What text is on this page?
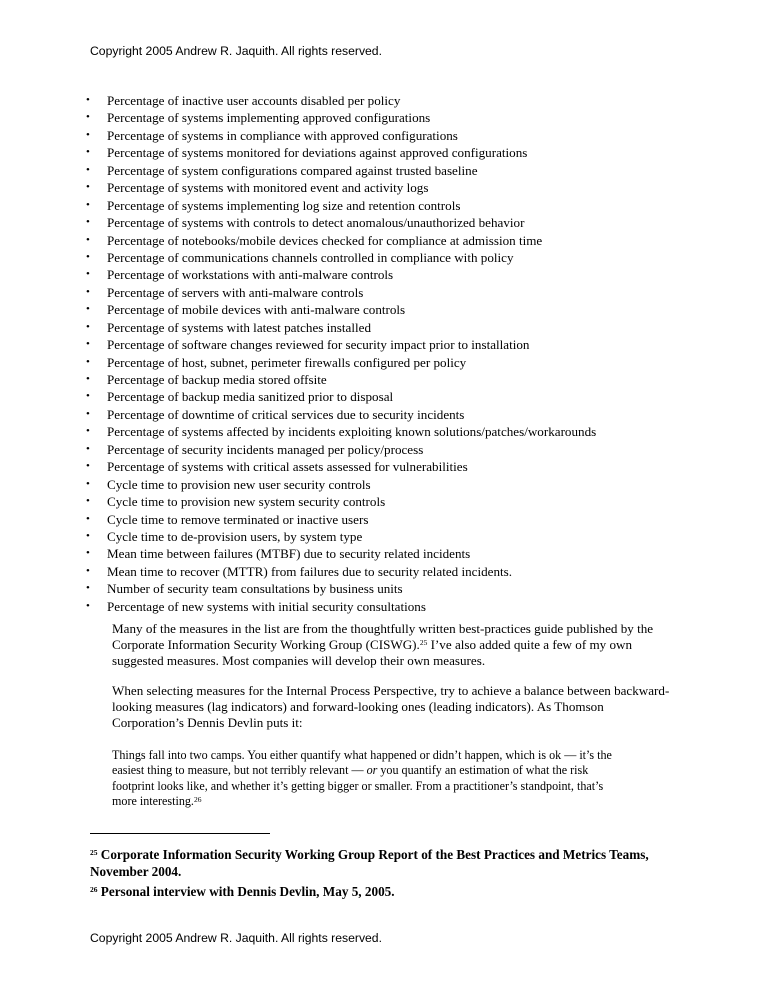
Copyright 2005 Andrew R. Jaquith. All rights reserved.
• Percentage of inactive user accounts disabled per policy
• Percentage of systems implementing approved configurations
• Percentage of systems in compliance with approved configurations
• Percentage of systems monitored for deviations against approved configurations
• Percentage of system configurations compared against trusted baseline
• Percentage of systems with monitored event and activity logs
• Percentage of systems implementing log size and retention controls
• Percentage of systems with controls to detect anomalous/unauthorized behavior
• Percentage of notebooks/mobile devices checked for compliance at admission time
• Percentage of communications channels controlled in compliance with policy
• Percentage of workstations with anti-malware controls
• Percentage of servers with anti-malware controls
• Percentage of mobile devices with anti-malware controls
• Percentage of systems with latest patches installed
• Percentage of software changes reviewed for security impact prior to installation
• Percentage of host, subnet, perimeter firewalls configured per policy
• Percentage of backup media stored offsite
• Percentage of backup media sanitized prior to disposal
• Percentage of downtime of critical services due to security incidents
• Percentage of systems affected by incidents exploiting known solutions/patches/workarounds
• Percentage of security incidents managed per policy/process
• Percentage of systems with critical assets assessed for vulnerabilities
• Cycle time to provision new user security controls
• Cycle time to provision new system security controls
• Cycle time to remove terminated or inactive users
• Cycle time to de-provision users, by system type
• Mean time between failures (MTBF) due to security related incidents
• Mean time to recover (MTTR) from failures due to security related incidents.
• Number of security team consultations by business units
• Percentage of new systems with initial security consultations

Many of the measures in the list are from the thoughtfully written best-practices guide published by the Corporate Information Security Working Group (CISWG).$^{25}$ I’ve also added quite a few of my own suggested measures. Most companies will develop their own measures.

When selecting measures for the Internal Process Perspective, try to achieve a balance between backward-looking measures (lag indicators) and forward-looking ones (leading indicators). As Thomson Corporation’s Dennis Devlin puts it:

Things fall into two camps. You either quantify what happened or didn’t happen, which is ok — it’s the easiest thing to measure, but not terribly relevant — or you quantify an estimation of what the risk footprint looks like, and whether it’s getting bigger or smaller. From a practitioner’s standpoint, that’s more interesting.$^{26}$

$^{25}$ Corporate Information Security Working Group Report of the Best Practices and Metrics Teams, November 2004.

$^{26}$ Personal interview with Dennis Devlin, May 5, 2005.

Copyright 2005 Andrew R. Jaquith. All rights reserved.
